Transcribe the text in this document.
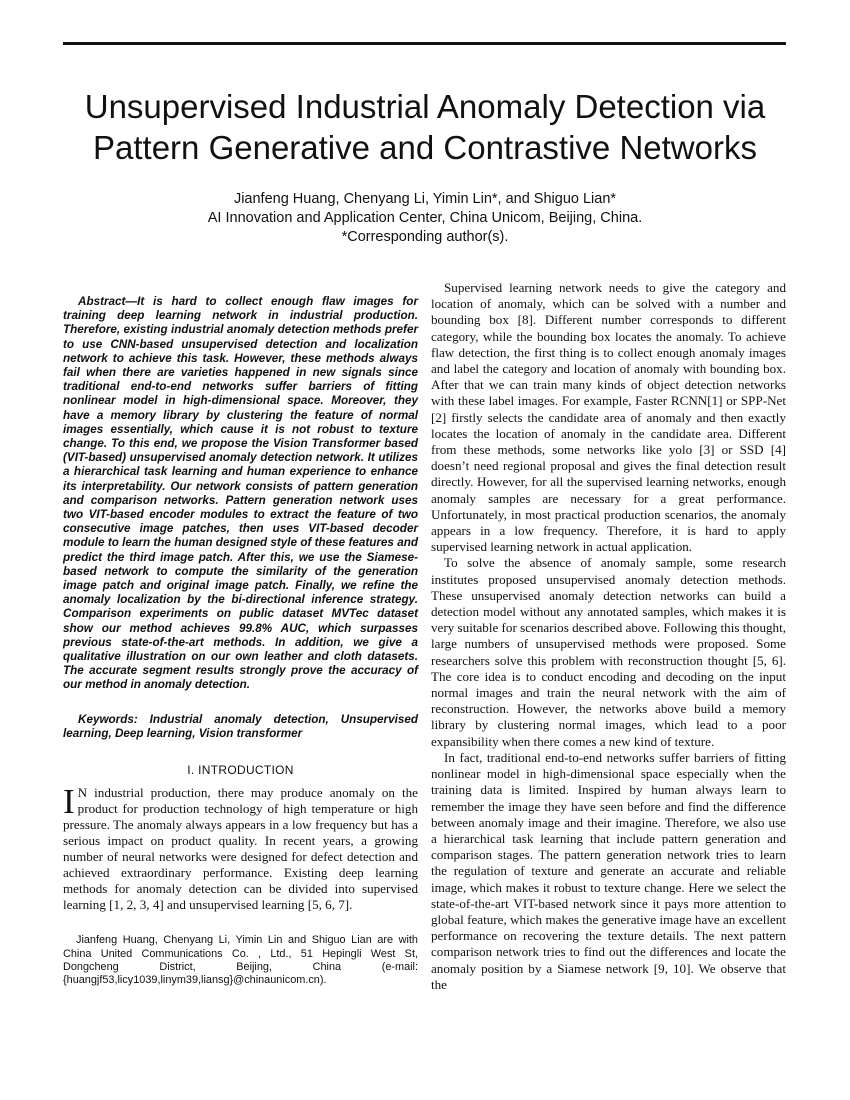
Unsupervised Industrial Anomaly Detection via
Pattern Generative and Contrastive Networks
Jianfeng Huang, Chenyang Li, Yimin Lin*, and Shiguo Lian*
AI Innovation and Application Center, China Unicom, Beijing, China.
*Corresponding author(s).

Abstract—It is hard to collect enough flaw images for training deep learning network in industrial production. Therefore, existing industrial anomaly detection methods prefer to use CNN-based unsupervised detection and localization network to achieve this task. However, these methods always fail when there are varieties happened in new signals since traditional end-to-end networks suffer barriers of fitting nonlinear model in high-dimensional space. Moreover, they have a memory library by clustering the feature of normal images essentially, which cause it is not robust to texture change. To this end, we propose the Vision Transformer based (VIT-based) unsupervised anomaly detection network. It utilizes a hierarchical task learning and human experience to enhance its interpretability. Our network consists of pattern generation and comparison networks. Pattern generation network uses two VIT-based encoder modules to extract the feature of two consecutive image patches, then uses VIT-based decoder module to learn the human designed style of these features and predict the third image patch. After this, we use the Siamese-based network to compute the similarity of the generation image patch and original image patch. Finally, we refine the anomaly localization by the bi-directional inference strategy. Comparison experiments on public dataset MVTec dataset show our method achieves 99.8% AUC, which surpasses previous state-of-the-art methods. In addition, we give a qualitative illustration on our own leather and cloth datasets. The accurate segment results strongly prove the accuracy of our method in anomaly detection.

Keywords: Industrial anomaly detection, Unsupervised learning, Deep learning, Vision transformer

I. INTRODUCTION

I N industrial production, there may produce anomaly on the product for production technology of high temperature or high pressure. The anomaly always appears in a low frequency but has a serious impact on product quality. In recent years, a growing number of neural networks were designed for defect detection and achieved extraordinary performance. Existing deep learning methods for anomaly detection can be divided into supervised learning [1, 2, 3, 4] and unsupervised learning [5, 6, 7].

Jianfeng Huang, Chenyang Li, Yimin Lin and Shiguo Lian are with China United Communications Co. , Ltd., 51 Hepingli West St, Dongcheng District, Beijing, China (e-mail: {huangjf53,licy1039,linym39,liansg}@chinaunicom.cn).

Supervised learning network needs to give the category and location of anomaly, which can be solved with a number and bounding box [8]. Different number corresponds to different category, while the bounding box locates the anomaly. To achieve flaw detection, the first thing is to collect enough anomaly images and label the category and location of anomaly with bounding box. After that we can train many kinds of object detection networks with these label images. For example, Faster RCNN[1] or SPP-Net [2] firstly selects the candidate area of anomaly and then exactly locates the location of anomaly in the candidate area. Different from these methods, some networks like yolo [3] or SSD [4] doesn’t need regional proposal and gives the final detection result directly. However, for all the supervised learning networks, enough anomaly samples are necessary for a great performance. Unfortunately, in most practical production scenarios, the anomaly appears in a low frequency. Therefore, it is hard to apply supervised learning network in actual application.

To solve the absence of anomaly sample, some research institutes proposed unsupervised anomaly detection methods. These unsupervised anomaly detection networks can build a detection model without any annotated samples, which makes it is very suitable for scenarios described above. Following this thought, large numbers of unsupervised methods were proposed. Some researchers solve this problem with reconstruction thought [5, 6]. The core idea is to conduct encoding and decoding on the input normal images and train the neural network with the aim of reconstruction. However, the networks above build a memory library by clustering normal images, which lead to a poor expansibility when there comes a new kind of texture.

In fact, traditional end-to-end networks suffer barriers of fitting nonlinear model in high-dimensional space especially when the training data is limited. Inspired by human always learn to remember the image they have seen before and find the difference between anomaly image and their imagine. Therefore, we also use a hierarchical task learning that include pattern generation and comparison stages. The pattern generation network tries to learn the regulation of texture and generate an accurate and reliable image, which makes it robust to texture change. Here we select the state-of-the-art VIT-based network since it pays more attention to global feature, which makes the generative image have an excellent performance on recovering the texture details. The next pattern comparison network tries to find out the differences and locate the anomaly position by a Siamese network [9, 10]. We observe that the
